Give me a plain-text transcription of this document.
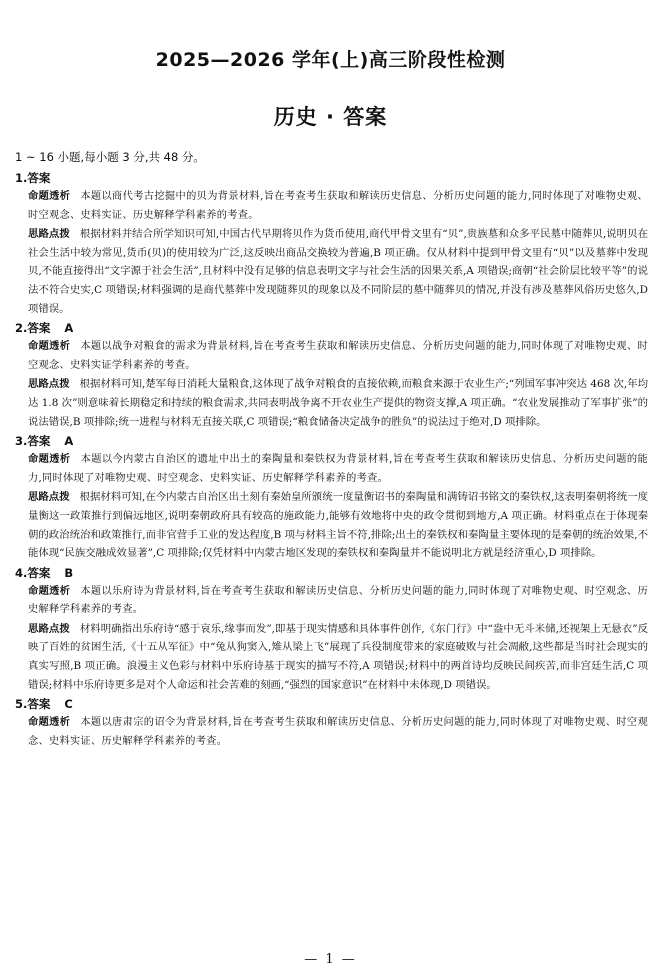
2025—2026 学年(上)高三阶段性检测
历史 · 答案
1 ~ 16 小题,每小题 3 分,共 48 分。
1.答案
命题透析 本题以商代考古挖掘中的贝为背景材料,旨在考查考生获取和解读历史信息、分析历史问题的能力,同时体现了对唯物史观、时空观念、史料实证、历史解释学科素养的考查。
思路点拨 根据材料并结合所学知识可知,中国古代早期将贝作为货币使用,商代甲骨文里有“贝”,贵族墓和众多平民墓中随葬贝,说明贝在社会生活中较为常见,货币(贝)的使用较为广泛,这反映出商品交换较为普遍,B 项正确。仅从材料中提到甲骨文里有“贝”以及墓葬中发现贝,不能直接得出“文字源于社会生活”,且材料中没有足够的信息表明文字与社会生活的因果关系,A 项错误;商朝“社会阶层比较平等”的说法不符合史实,C 项错误;材料强调的是商代墓葬中发现随葬贝的现象以及不同阶层的墓中随葬贝的情况,并没有涉及墓葬风俗历史悠久,D 项错误。
2.答案 A
命题透析 本题以战争对粮食的需求为背景材料,旨在考查考生获取和解读历史信息、分析历史问题的能力,同时体现了对唯物史观、时空观念、史料实证学科素养的考查。
思路点拨 根据材料可知,楚军每日消耗大量粮食,这体现了战争对粮食的直接依赖,而粮食来源于农业生产;“列国军事冲突达 468 次,年均达 1.8 次”则意味着长期稳定和持续的粮食需求,共同表明战争离不开农业生产提供的物资支撑,A 项正确。“农业发展推动了军事扩张”的说法错误,B 项排除;统一进程与材料无直接关联,C 项错误;“粮食储备决定战争的胜负”的说法过于绝对,D 项排除。
3.答案 A
命题透析 本题以今内蒙古自治区的遗址中出土的秦陶量和秦铁权为背景材料,旨在考查考生获取和解读历史信息、分析历史问题的能力,同时体现了对唯物史观、时空观念、史料实证、历史解释学科素养的考查。
思路点拨 根据材料可知,在今内蒙古自治区出土刻有秦始皇所颁统一度量衡诏书的秦陶量和满铸诏书铭文的秦铁权,这表明秦朝将统一度量衡这一政策推行到偏远地区,说明秦朝政府具有较高的施政能力,能够有效地将中央的政令贯彻到地方,A 项正确。材料重点在于体现秦朝的政治统治和政策推行,而非官营手工业的发达程度,B 项与材料主旨不符,排除;出土的秦铁权和秦陶量主要体现的是秦朝的统治效果,不能体现“民族交融成效显著”,C 项排除;仅凭材料中内蒙古地区发现的秦铁权和秦陶量并不能说明北方就是经济重心,D 项排除。
4.答案 B
命题透析 本题以乐府诗为背景材料,旨在考查考生获取和解读历史信息、分析历史问题的能力,同时体现了对唯物史观、时空观念、历史解释学科素养的考查。
思路点拨 材料明确指出乐府诗“感于哀乐,缘事而发”,即基于现实情感和具体事件创作,《东门行》中“盎中无斗米储,还视架上无悬衣”反映了百姓的贫困生活,《十五从军征》中“兔从狗窦入,雉从梁上飞”展现了兵役制度带来的家庭破败与社会凋敝,这些都是当时社会现实的真实写照,B 项正确。浪漫主义色彩与材料中乐府诗基于现实的描写不符,A 项错误;材料中的两首诗均反映民间疾苦,而非宫廷生活,C 项错误;材料中乐府诗更多是对个人命运和社会苦难的刻画,“强烈的国家意识”在材料中未体现,D 项错误。
5.答案 C
命题透析 本题以唐肃宗的诏令为背景材料,旨在考查考生获取和解读历史信息、分析历史问题的能力,同时体现了对唯物史观、时空观念、史料实证、历史解释学科素养的考查。
— 1 —
